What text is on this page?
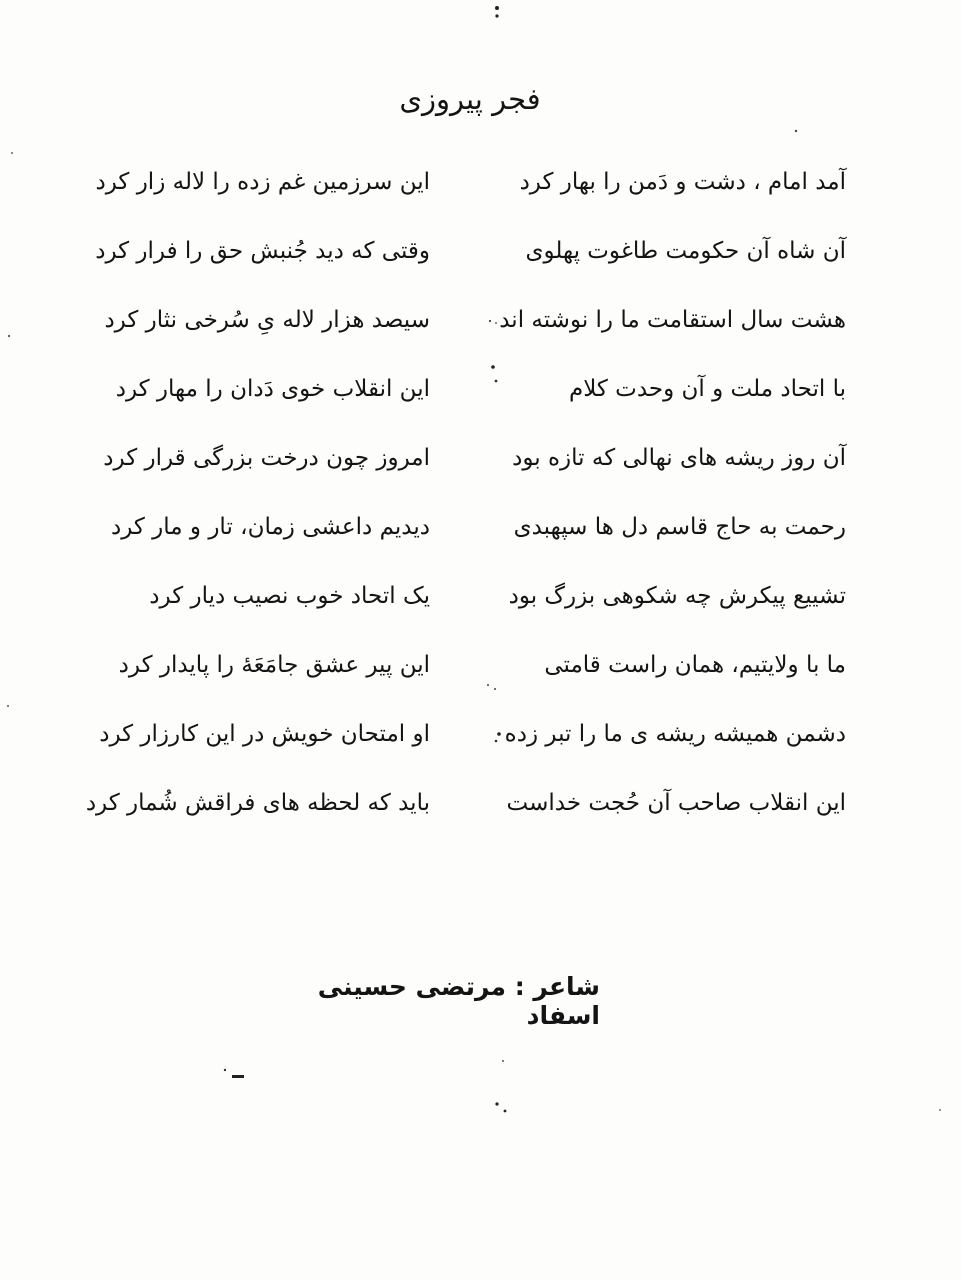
فجر پیروزی
آمد امام ، دشت و دَمن را بهار کرد
این سرزمین غم زده را لاله زار کرد
آن شاه آن حکومت طاغوت پهلوی
وقتی که دید جُنبش حق را فرار کرد
هشت سال استقامت ما را نوشته اند
سیصد هزار لاله یِ سُرخی نثار کرد
با اتحاد ملت و آن وحدت کلام
این انقلاب خوی دَدان را مهار کرد
آن روز ریشه های نهالی که تازه بود
امروز چون درخت بزرگی قرار کرد
رحمت به حاج قاسم دل ها سپهبدی
دیدیم داعشی زمان، تار و مار کرد
تشییع پیکرش چه شکوهی بزرگ بود
یک اتحاد خوب نصیب دیار کرد
ما با ولایتیم، همان راست قامتی
این پیر عشق جامَعَهٔ را پایدار کرد
دشمن همیشه ریشه ی ما را تبر زده
او امتحان خویش در این کارزار کرد
این انقلاب صاحب آن حُجت خداست
باید که لحظه های فراقش شُمار کرد
شاعر : مرتضی حسینی اسفاد
